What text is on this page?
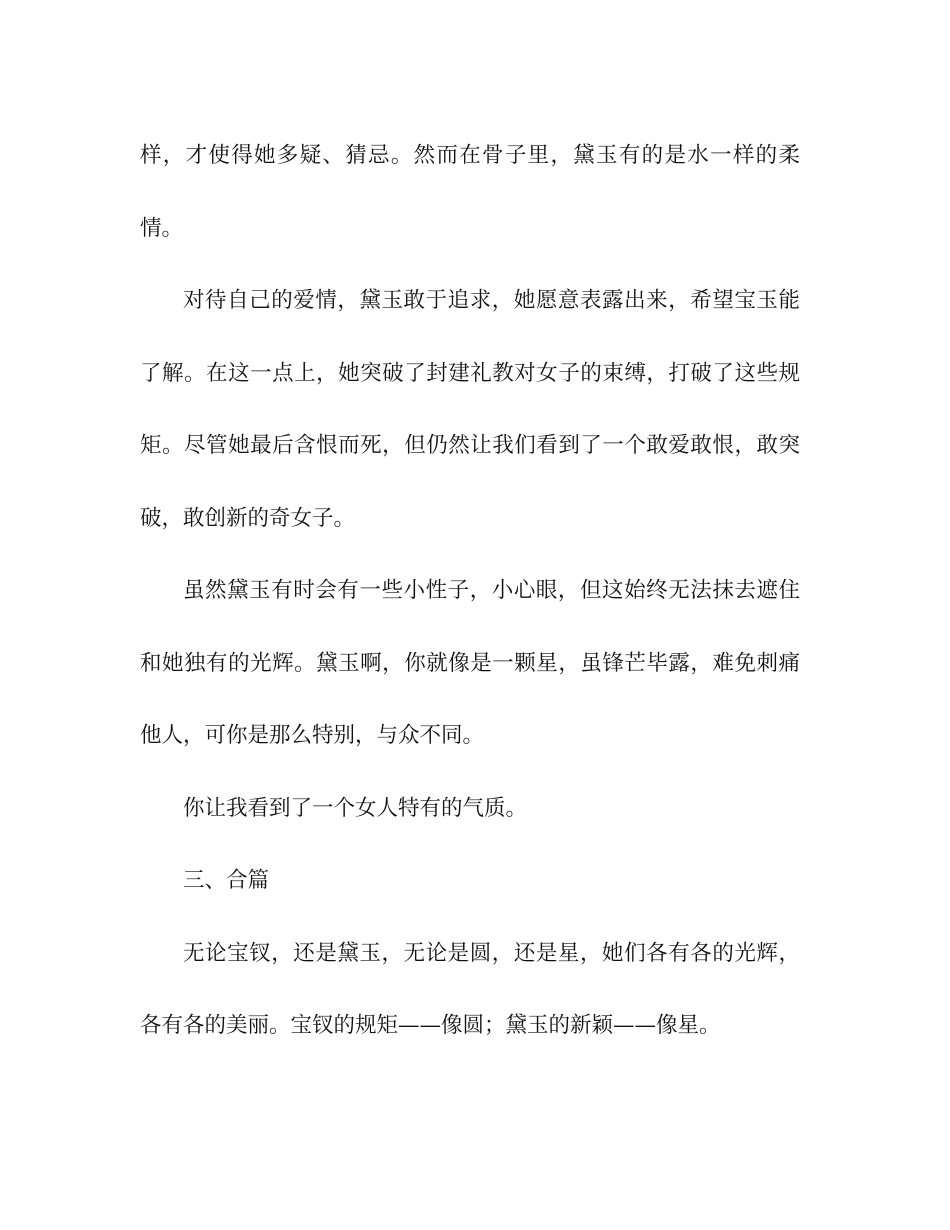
样，才使得她多疑、猜忌。然而在骨子里，黛玉有的是水一样的柔情。

对待自己的爱情，黛玉敢于追求，她愿意表露出来，希望宝玉能了解。在这一点上，她突破了封建礼教对女子的束缚，打破了这些规矩。尽管她最后含恨而死，但仍然让我们看到了一个敢爱敢恨，敢突破，敢创新的奇女子。

虽然黛玉有时会有一些小性子，小心眼，但这始终无法抹去遮住和她独有的光辉。黛玉啊，你就像是一颗星，虽锋芒毕露，难免刺痛他人，可你是那么特别，与众不同。

你让我看到了一个女人特有的气质。

三、合篇

无论宝钗，还是黛玉，无论是圆，还是星，她们各有各的光辉，各有各的美丽。宝钗的规矩——像圆；黛玉的新颖——像星。
